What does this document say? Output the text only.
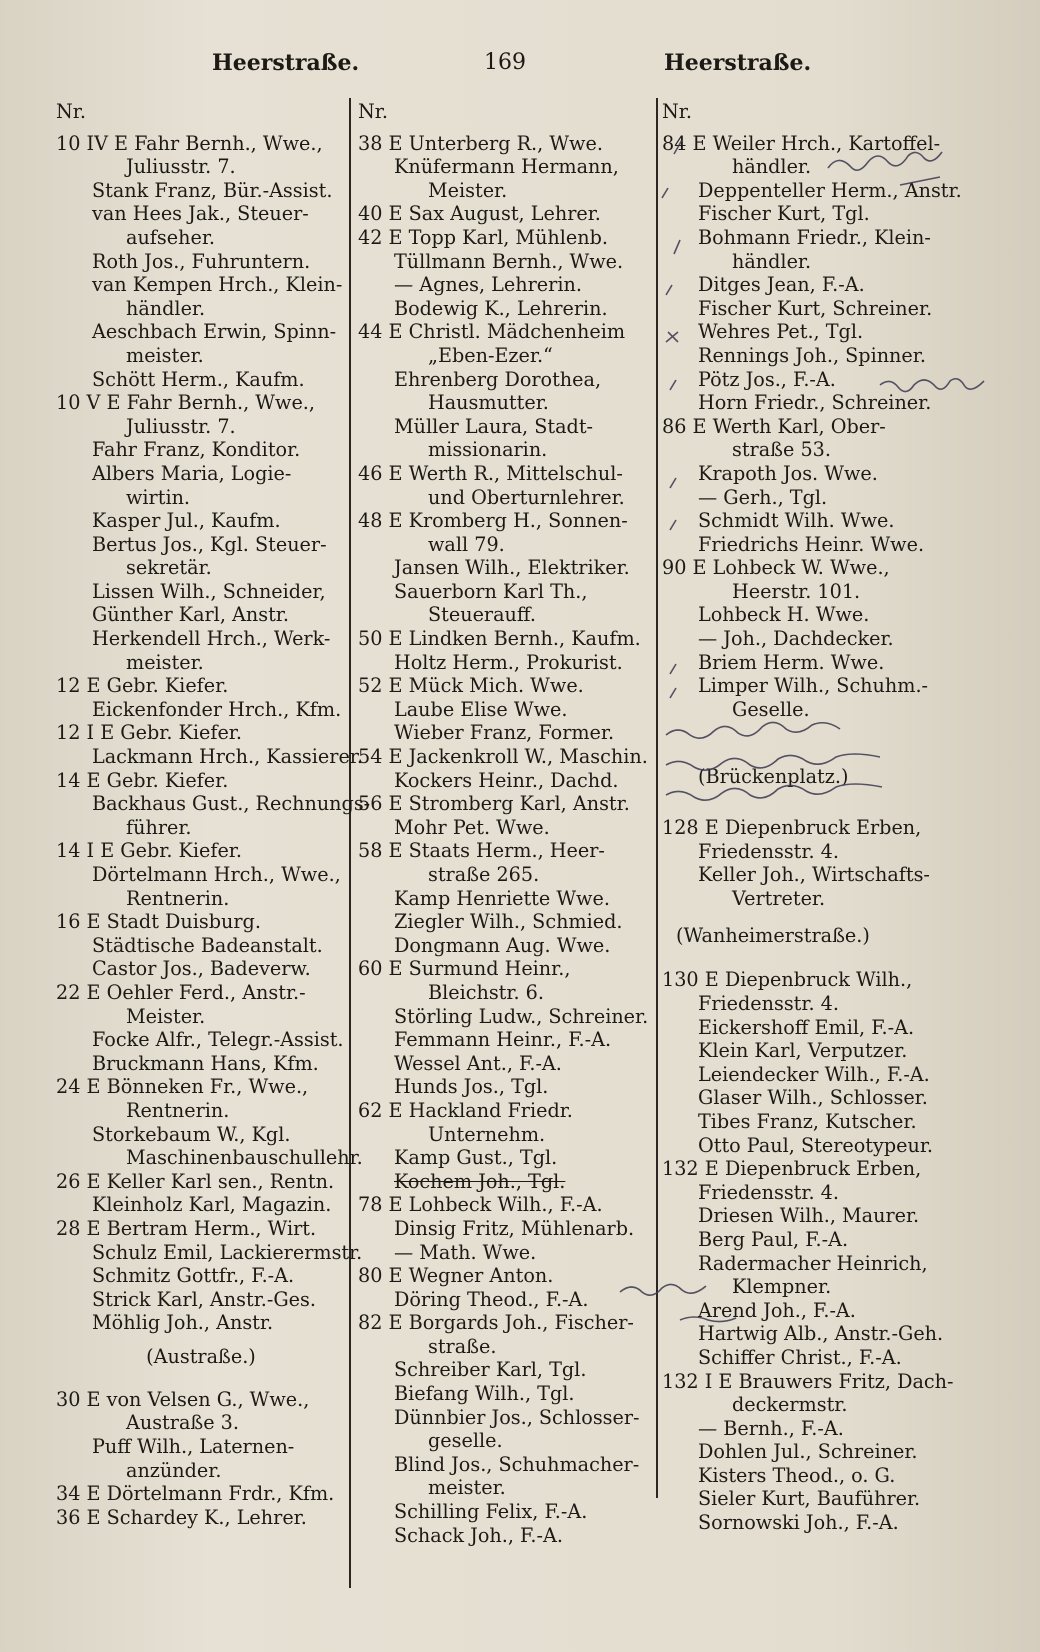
Heerstraße.	169	Heerstraße.
Nr.
10 IV E Fahr Bernh., Wwe.,
Juliusstr. 7.
Stank Franz, Bür.-Assist.
van Hees Jak., Steuer-
aufseher.
Roth Jos., Fuhruntern.
van Kempen Hrch., Klein-
händler.
Aeschbach Erwin, Spinn-
meister.
Schött Herm., Kaufm.
10 V E Fahr Bernh., Wwe.,
Juliusstr. 7.
Fahr Franz, Konditor.
Albers Maria, Logie-
wirtin.
Kasper Jul., Kaufm.
Bertus Jos., Kgl. Steuer-
sekretär.
Lissen Wilh., Schneider,
Günther Karl, Anstr.
Herkendell Hrch., Werk-
meister.
12 E Gebr. Kiefer.
Eickenfonder Hrch., Kfm.
12 I E Gebr. Kiefer.
Lackmann Hrch., Kassierer.
14 E Gebr. Kiefer.
Backhaus Gust., Rechnungs-
führer.
14 I E Gebr. Kiefer.
Dörtelmann Hrch., Wwe.,
Rentnerin.
16 E Stadt Duisburg.
Städtische Badeanstalt.
Castor Jos., Badeverw.
22 E Oehler Ferd., Anstr.-
Meister.
Focke Alfr., Telegr.-Assist.
Bruckmann Hans, Kfm.
24 E Bönneken Fr., Wwe.,
Rentnerin.
Storkebaum W., Kgl.
Maschinenbauschullehr.
26 E Keller Karl sen., Rentn.
Kleinholz Karl, Magazin.
28 E Bertram Herm., Wirt.
Schulz Emil, Lackierermstr.
Schmitz Gottfr., F.-A.
Strick Karl, Anstr.-Ges.
Möhlig Joh., Anstr.
(Austraße.)
30 E von Velsen G., Wwe.,
Austraße 3.
Puff Wilh., Laternen-
anzünder.
34 E Dörtelmann Frdr., Kfm.
36 E Schardey K., Lehrer.
Nr.
38 E Unterberg R., Wwe.
Knüfermann Hermann,
Meister.
40 E Sax August, Lehrer.
42 E Topp Karl, Mühlenb.
Tüllmann Bernh., Wwe.
— Agnes, Lehrerin.
Bodewig K., Lehrerin.
44 E Christl. Mädchenheim
„Eben-Ezer.“
Ehrenberg Dorothea,
Hausmutter.
Müller Laura, Stadt-
missionarin.
46 E Werth R., Mittelschul-
und Oberturnlehrer.
48 E Kromberg H., Sonnen-
wall 79.
Jansen Wilh., Elektriker.
Sauerborn Karl Th.,
Steuerauff.
50 E Lindken Bernh., Kaufm.
Holtz Herm., Prokurist.
52 E Mück Mich. Wwe.
Laube Elise Wwe.
Wieber Franz, Former.
54 E Jackenkroll W., Maschin.
Kockers Heinr., Dachd.
56 E Stromberg Karl, Anstr.
Mohr Pet. Wwe.
58 E Staats Herm., Heer-
straße 265.
Kamp Henriette Wwe.
Ziegler Wilh., Schmied.
Dongmann Aug. Wwe.
60 E Surmund Heinr.,
Bleichstr. 6.
Störling Ludw., Schreiner.
Femmann Heinr., F.-A.
Wessel Ant., F.-A.
Hunds Jos., Tgl.
62 E Hackland Friedr.
Unternehm.
Kamp Gust., Tgl.
Kochem Joh., Tgl.
78 E Lohbeck Wilh., F.-A.
Dinsig Fritz, Mühlenarb.
— Math. Wwe.
80 E Wegner Anton.
Döring Theod., F.-A.
82 E Borgards Joh., Fischer-
straße.
Schreiber Karl, Tgl.
Biefang Wilh., Tgl.
Dünnbier Jos., Schlosser-
geselle.
Blind Jos., Schuhmacher-
meister.
Schilling Felix, F.-A.
Schack Joh., F.-A.
Nr.
84 E Weiler Hrch., Kartoffel-
händler.
Deppenteller Herm., Anstr.
Fischer Kurt, Tgl.
Bohmann Friedr., Klein-
händler.
Ditges Jean, F.-A.
Fischer Kurt, Schreiner.
Wehres Pet., Tgl.
Rennings Joh., Spinner.
Pötz Jos., F.-A.
Horn Friedr., Schreiner.
86 E Werth Karl, Ober-
straße 53.
Krapoth Jos. Wwe.
— Gerh., Tgl.
Schmidt Wilh. Wwe.
Friedrichs Heinr. Wwe.
90 E Lohbeck W. Wwe.,
Heerstr. 101.
Lohbeck H. Wwe.
— Joh., Dachdecker.
Briem Herm. Wwe.
Limper Wilh., Schuhm.-
Geselle.
(Brückenplatz.)
128 E Diepenbruck Erben,
Friedensstr. 4.
Keller Joh., Wirtschafts-
Vertreter.
(Wanheimerstraße.)
130 E Diepenbruck Wilh.,
Friedensstr. 4.
Eickershoff Emil, F.-A.
Klein Karl, Verputzer.
Leiendecker Wilh., F.-A.
Glaser Wilh., Schlosser.
Tibes Franz, Kutscher.
Otto Paul, Stereotypeur.
132 E Diepenbruck Erben,
Friedensstr. 4.
Driesen Wilh., Maurer.
Berg Paul, F.-A.
Radermacher Heinrich,
Klempner.
Arend Joh., F.-A.
Hartwig Alb., Anstr.-Geh.
Schiffer Christ., F.-A.
132 I E Brauwers Fritz, Dach-
deckermstr.
— Bernh., F.-A.
Dohlen Jul., Schreiner.
Kisters Theod., o. G.
Sieler Kurt, Bauführer.
Sornowski Joh., F.-A.
